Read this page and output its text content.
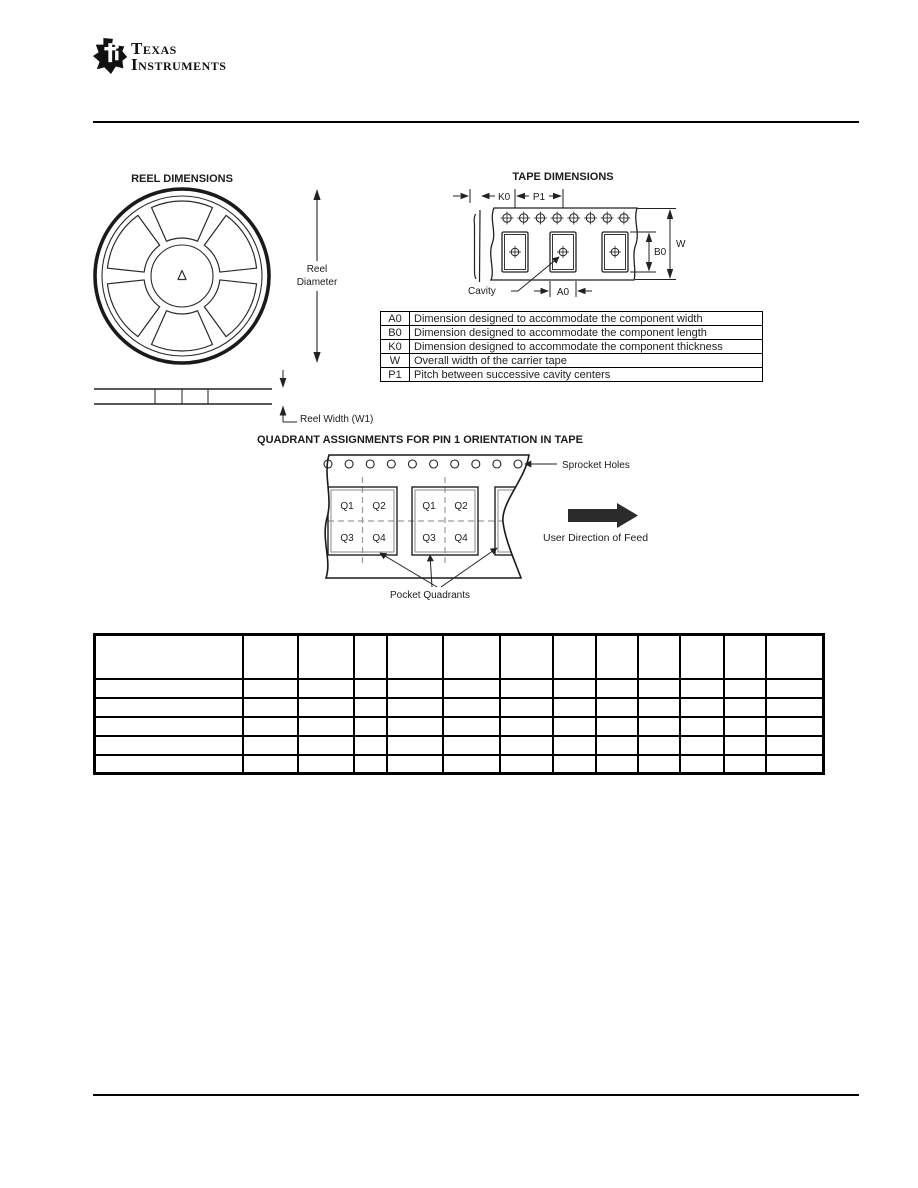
Texas
Instruments
REEL DIMENSIONS
Reel
Diameter
Reel Width (W1)
TAPE DIMENSIONS
K0 P1
B0
W
Cavity	A0
QUADRANT ASSIGNMENTS FOR PIN 1 ORIENTATION IN TAPE
Q1 Q2
Q3 Q4
Q1 Q2
Q3 Q4
Sprocket Holes
User Direction of Feed
Pocket Quadrants
A0	Dimension designed to accommodate the component width
B0	Dimension designed to accommodate the component length
K0	Dimension designed to accommodate the component thickness
W	Overall width of the carrier tape
P1	Pitch between successive cavity centers
